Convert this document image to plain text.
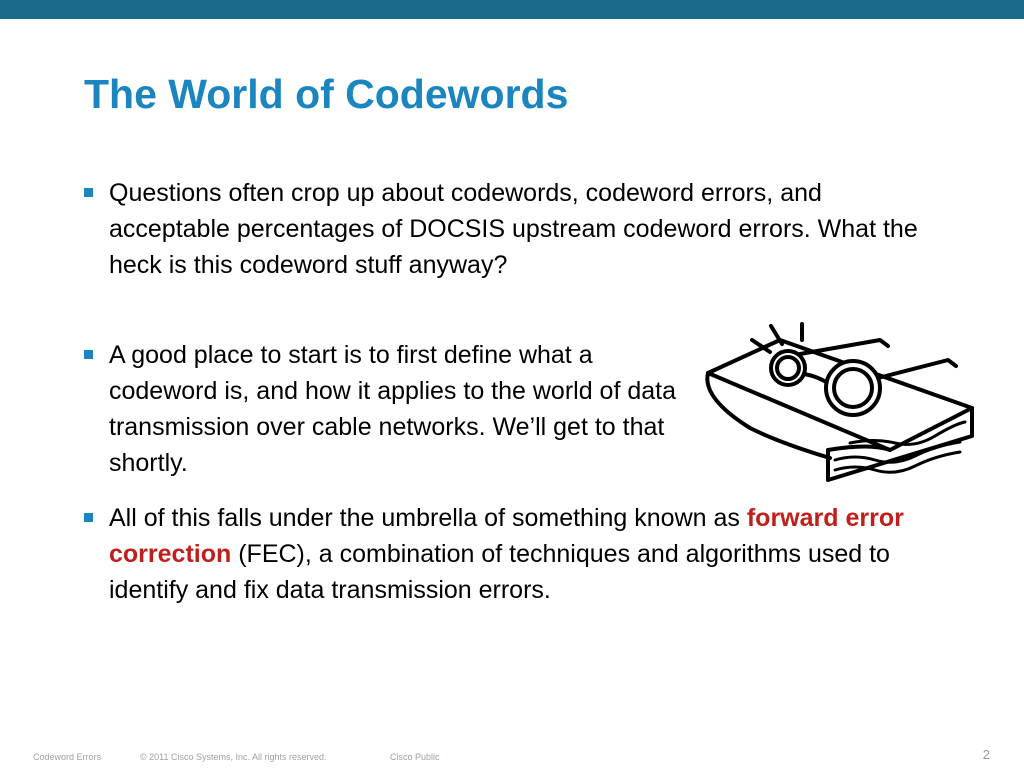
The World of Codewords
Questions often crop up about codewords, codeword errors, and acceptable percentages of DOCSIS upstream codeword errors. What the heck is this codeword stuff anyway?
A good place to start is to first define what a codeword is, and how it applies to the world of data transmission over cable networks. We’ll get to that shortly.
All of this falls under the umbrella of something known as forward error correction (FEC), a combination of techniques and algorithms used to identify and fix data transmission errors.
Codeword Errors	© 2011 Cisco Systems, Inc. All rights reserved.	Cisco Public	2
